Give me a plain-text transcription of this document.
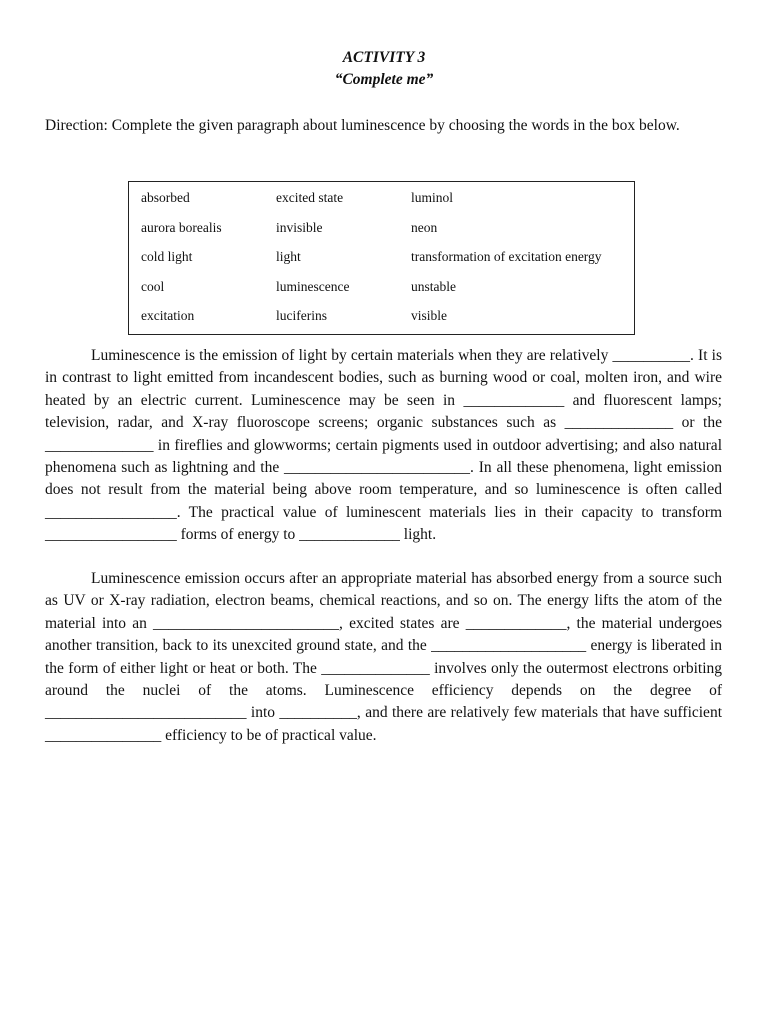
ACTIVITY 3
“Complete me”
Direction: Complete the given paragraph about luminescence by choosing the words in the box below.
absorbed	excited state	luminol
aurora borealis	invisible	neon
cold light	light	transformation of excitation energy
cool	luminescence	unstable
excitation	luciferins	visible

Luminescence is the emission of light by certain materials when they are relatively __________. It is in contrast to light emitted from incandescent bodies, such as burning wood or coal, molten iron, and wire heated by an electric current. Luminescence may be seen in _____________ and fluorescent lamps; television, radar, and X-ray fluoroscope screens; organic substances such as ______________ or the ______________ in fireflies and glowworms; certain pigments used in outdoor advertising; and also natural phenomena such as lightning and the ________________________. In all these phenomena, light emission does not result from the material being above room temperature, and so luminescence is often called _________________. The practical value of luminescent materials lies in their capacity to transform _________________ forms of energy to _____________ light.

Luminescence emission occurs after an appropriate material has absorbed energy from a source such as UV or X-ray radiation, electron beams, chemical reactions, and so on. The energy lifts the atom of the material into an ________________________, excited states are _____________, the material undergoes another transition, back to its unexcited ground state, and the ____________________ energy is liberated in the form of either light or heat or both. The ______________ involves only the outermost electrons orbiting around the nuclei of the atoms. Luminescence efficiency depends on the degree of __________________________ into __________, and there are relatively few materials that have sufficient _______________ efficiency to be of practical value.
